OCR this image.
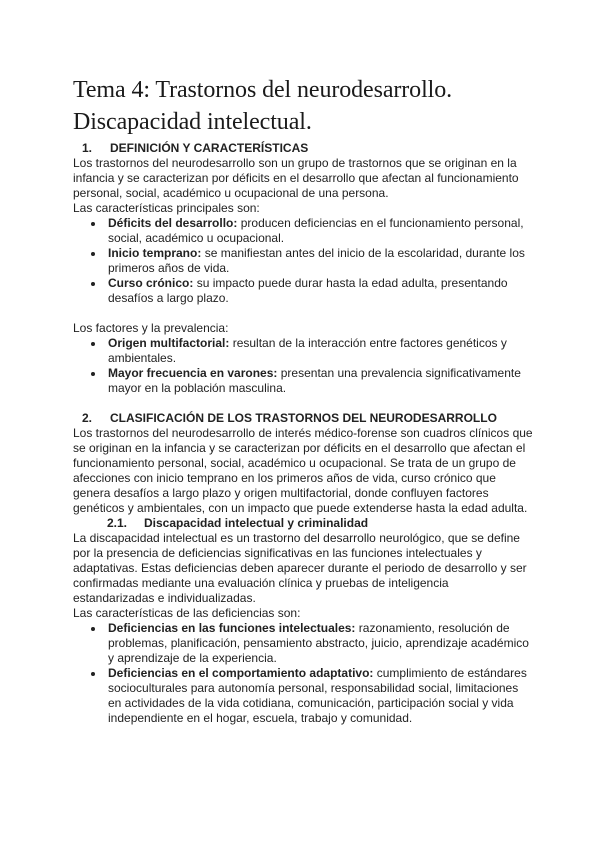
Tema 4: Trastornos del neurodesarrollo.
Discapacidad intelectual.
1.	DEFINICIÓN Y CARACTERÍSTICAS

Los trastornos del neurodesarrollo son un grupo de trastornos que se originan en la infancia y se caracterizan por déficits en el desarrollo que afectan al funcionamiento personal, social, académico u ocupacional de una persona.

Las características principales son:

Déficits del desarrollo: producen deficiencias en el funcionamiento personal, social, académico u ocupacional.
Inicio temprano: se manifiestan antes del inicio de la escolaridad, durante los primeros años de vida.
Curso crónico: su impacto puede durar hasta la edad adulta, presentando desafíos a largo plazo.

Los factores y la prevalencia:

Origen multifactorial: resultan de la interacción entre factores genéticos y ambientales.
Mayor frecuencia en varones: presentan una prevalencia significativamente mayor en la población masculina.
2.	CLASIFICACIÓN DE LOS TRASTORNOS DEL NEURODESARROLLO

Los trastornos del neurodesarrollo de interés médico-forense son cuadros clínicos que se originan en la infancia y se caracterizan por déficits en el desarrollo que afectan el funcionamiento personal, social, académico u ocupacional. Se trata de un grupo de afecciones con inicio temprano en los primeros años de vida, curso crónico que genera desafíos a largo plazo y origen multifactorial, donde confluyen factores genéticos y ambientales, con un impacto que puede extenderse hasta la edad adulta.

2.1.	Discapacidad intelectual y criminalidad

La discapacidad intelectual es un trastorno del desarrollo neurológico, que se define por la presencia de deficiencias significativas en las funciones intelectuales y adaptativas. Estas deficiencias deben aparecer durante el periodo de desarrollo y ser confirmadas mediante una evaluación clínica y pruebas de inteligencia estandarizadas e individualizadas.

Las características de las deficiencias son:

Deficiencias en las funciones intelectuales: razonamiento, resolución de problemas, planificación, pensamiento abstracto, juicio, aprendizaje académico y aprendizaje de la experiencia.
Deficiencias en el comportamiento adaptativo: cumplimiento de estándares socioculturales para autonomía personal, responsabilidad social, limitaciones en actividades de la vida cotidiana, comunicación, participación social y vida independiente en el hogar, escuela, trabajo y comunidad.
